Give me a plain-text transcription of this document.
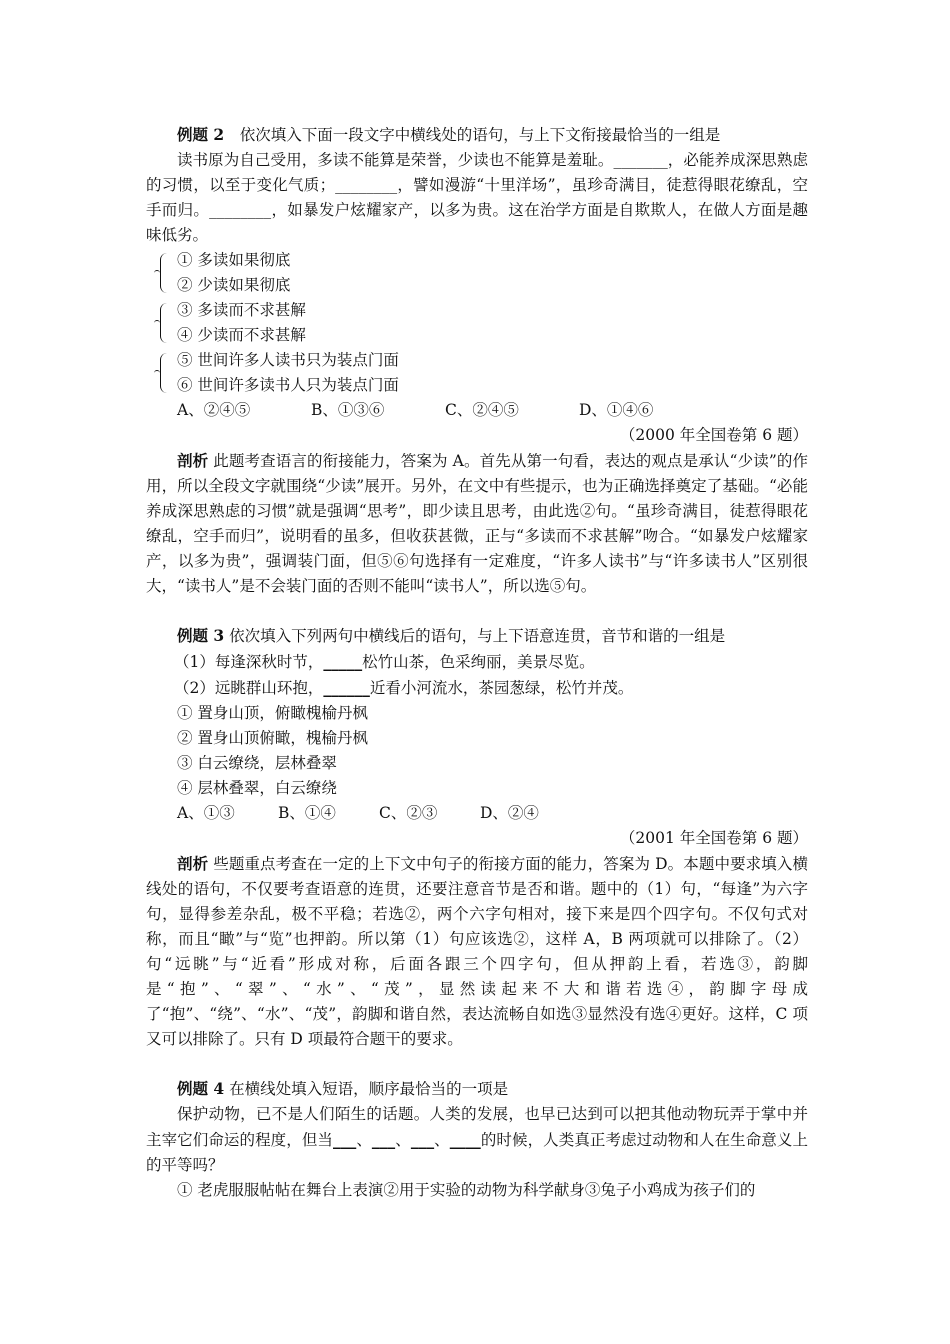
例题 2　依次填入下面一段文字中横线处的语句，与上下文衔接最恰当的一组是

读书原为自己受用，多读不能算是荣誉，少读也不能算是羞耻。_______，必能养成深思熟虑的习惯，以至于变化气质；________，譬如漫游“十里洋场”，虽珍奇满目，徒惹得眼花缭乱，空手而归。________，如暴发户炫耀家产，以多为贵。这在治学方面是自欺欺人，在做人方面是趣味低劣。

① 多读如果彻底

② 少读如果彻底

③ 多读而不求甚解

④ 少读而不求甚解

⑤ 世间许多人读书只为装点门面

⑥ 世间许多读书人只为装点门面

A、②④⑤	B、①③⑥	C、②④⑤	D、①④⑥

（2000 年全国卷第 6 题）

剖析 此题考查语言的衔接能力，答案为 A。首先从第一句看，表达的观点是承认“少读”的作用，所以全段文字就围绕“少读”展开。另外，在文中有些提示，也为正确选择奠定了基础。“必能养成深思熟虑的习惯”就是强调“思考”，即少读且思考，由此选②句。“虽珍奇满目，徒惹得眼花缭乱，空手而归”，说明看的虽多，但收获甚微，正与“多读而不求甚解”吻合。“如暴发户炫耀家产，以多为贵”，强调装门面，但⑤⑥句选择有一定难度，“许多人读书”与“许多读书人”区别很大，“读书人”是不会装门面的否则不能叫“读书人”，所以选⑤句。

例题 3 依次填入下列两句中横线后的语句，与上下语意连贯，音节和谐的一组是

（1）每逢深秋时节，_____松竹山茶，色采绚丽，美景尽览。

（2）远眺群山环抱，______近看小河流水，茶园葱绿，松竹并茂。

① 置身山顶，俯瞰槐榆丹枫

② 置身山顶俯瞰，槐榆丹枫

③ 白云缭绕，层林叠翠

④ 层林叠翠，白云缭绕

A、①③	B、①④	C、②③	D、②④

（2001 年全国卷第 6 题）

剖析 些题重点考查在一定的上下文中句子的衔接方面的能力，答案为 D。本题中要求填入横线处的语句，不仅要考查语意的连贯，还要注意音节是否和谐。题中的（1）句，“每逢”为六字句，显得参差杂乱，极不平稳；若选②，两个六字句相对，接下来是四个四字句。不仅句式对称，而且“瞰”与“览”也押韵。所以第（1）句应该选②，这样 A，B 两项就可以排除了。（2）句“远眺”与“近看”形成对称，后面各跟三个四字句，但从押韵上看，若选③，韵脚是“抱”、“翠”、“水”、“茂”，显然读起来不大和谐若选④，韵脚字母成了“抱”、“绕”、“水”、“茂”，韵脚和谐自然，表达流畅自如选③显然没有选④更好。这样，C 项又可以排除了。只有 D 项最符合题干的要求。

例题 4 在横线处填入短语，顺序最恰当的一项是

保护动物，已不是人们陌生的话题。人类的发展，也早已达到可以把其他动物玩弄于掌中并主宰它们命运的程度，但当___、___、___、____的时候，人类真正考虑过动物和人在生命意义上的平等吗？

① 老虎服服帖帖在舞台上表演②用于实验的动物为科学献身③兔子小鸡成为孩子们的
